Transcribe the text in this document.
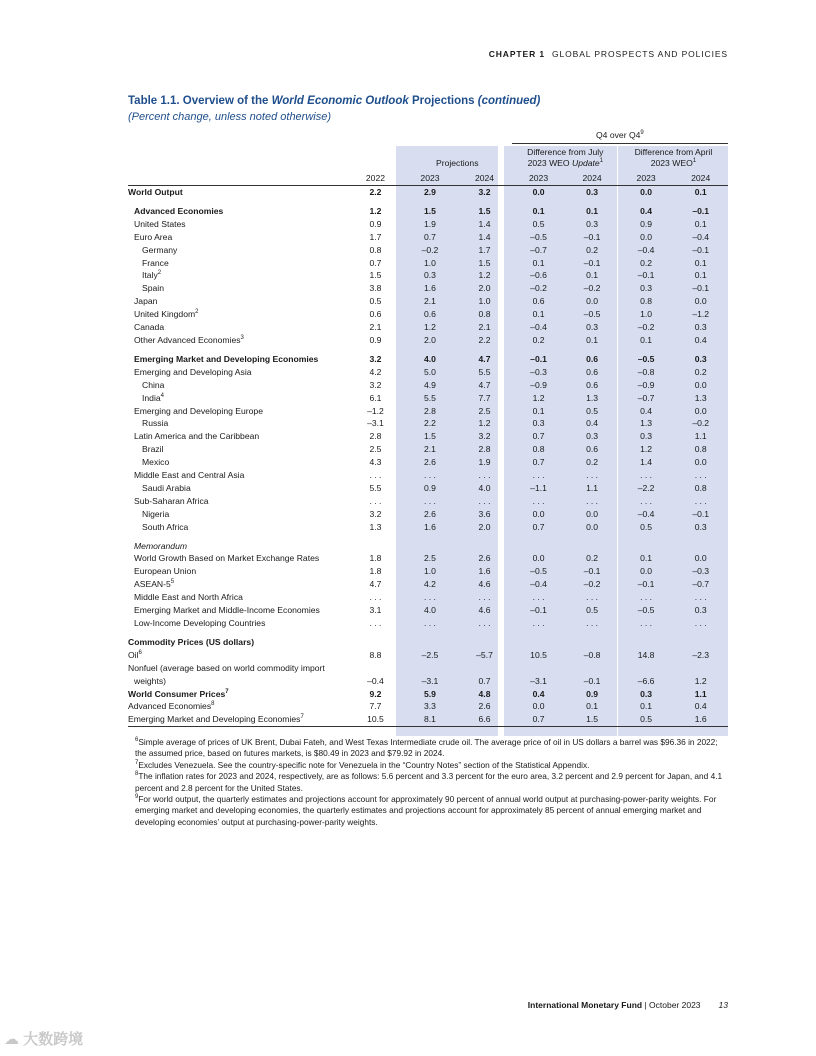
CHAPTER 1 GLOBAL PROSPECTS AND POLICIES
Table 1.1. Overview of the World Economic Outlook Projections (continued)
(Percent change, unless noted otherwise)
				Q4 over $Q4^9$
		Projections		Difference from July
2023 WEO Update$^1$		Difference from April
2023 WEO$^1$
	2022	2023	2024	2023	2024	2023	2024
World Output	2.2	2.9	3.2	0.0	0.3	0.0	0.1

Advanced Economies	1.2	1.5	1.5	0.1	0.1	0.4	–0.1
United States	0.9	1.9	1.4	0.5	0.3	0.9	0.1
Euro Area	1.7	0.7	1.4	–0.5	–0.1	0.0	–0.4
Germany	0.8	–0.2	1.7	–0.7	0.2	–0.4	–0.1
France	0.7	1.0	1.5	0.1	–0.1	0.2	0.1
Italy$^2$	1.5	0.3	1.2	–0.6	0.1	–0.1	0.1
Spain	3.8	1.6	2.0	–0.2	–0.2	0.3	–0.1
Japan	0.5	2.1	1.0	0.6	0.0	0.8	0.0
United Kingdom$^2$	0.6	0.6	0.8	0.1	–0.5	1.0	–1.2
Canada	2.1	1.2	2.1	–0.4	0.3	–0.2	0.3
Other Advanced Economies$^3$	0.9	2.0	2.2	0.2	0.1	0.1	0.4

Emerging Market and Developing Economies	3.2	4.0	4.7	–0.1	0.6	–0.5	0.3
Emerging and Developing Asia	4.2	5.0	5.5	–0.3	0.6	–0.8	0.2
China	3.2	4.9	4.7	–0.9	0.6	–0.9	0.0
India$^4$	6.1	5.5	7.7	1.2	1.3	–0.7	1.3
Emerging and Developing Europe	–1.2	2.8	2.5	0.1	0.5	0.4	0.0
Russia	–3.1	2.2	1.2	0.3	0.4	1.3	–0.2
Latin America and the Caribbean	2.8	1.5	3.2	0.7	0.3	0.3	1.1
Brazil	2.5	2.1	2.8	0.8	0.6	1.2	0.8
Mexico	4.3	2.6	1.9	0.7	0.2	1.4	0.0
Middle East and Central Asia	. . .	. . .	. . .	. . .	. . .	. . .	. . .
Saudi Arabia	5.5	0.9	4.0	–1.1	1.1	–2.2	0.8
Sub-Saharan Africa	. . .	. . .	. . .	. . .	. . .	. . .	. . .
Nigeria	3.2	2.6	3.6	0.0	0.0	–0.4	–0.1
South Africa	1.3	1.6	2.0	0.7	0.0	0.5	0.3

Memorandum							
World Growth Based on Market Exchange Rates	1.8	2.5	2.6	0.0	0.2	0.1	0.0
European Union	1.8	1.0	1.6	–0.5	–0.1	0.0	–0.3
ASEAN-$5^5$	4.7	4.2	4.6	–0.4	–0.2	–0.1	–0.7
Middle East and North Africa	. . .	. . .	. . .	. . .	. . .	. . .	. . .
Emerging Market and Middle-Income Economies	3.1	4.0	4.6	–0.1	0.5	–0.5	0.3
Low-Income Developing Countries	. . .	. . .	. . .	. . .	. . .	. . .	. . .

Commodity Prices (US dollars)							
Oil$^6$	8.8	–2.5	–5.7	10.5	–0.8	14.8	–2.3
Nonfuel (average based on world commodity import							
weights)	–0.4	–3.1	0.7	–3.1	–0.1	–6.6	1.2
World Consumer Prices$^7$	9.2	5.9	4.8	0.4	0.9	0.3	1.1
Advanced Economies$^8$	7.7	3.3	2.6	0.0	0.1	0.1	0.4
Emerging Market and Developing Economies$^7$	10.5	8.1	6.6	0.7	1.5	0.5	1.6

$^6$Simple average of prices of UK Brent, Dubai Fateh, and West Texas Intermediate crude oil. The average price of oil in US dollars a barrel was $96.36 in 2022; the assumed price, based on futures markets, is $80.49 in 2023 and $79.92 in 2024.

$^7$Excludes Venezuela. See the country-specific note for Venezuela in the “Country Notes” section of the Statistical Appendix.

$^8$The inflation rates for 2023 and 2024, respectively, are as follows: 5.6 percent and 3.3 percent for the euro area, 3.2 percent and 2.9 percent for Japan, and 4.1 percent and 2.8 percent for the United States.

$^9$For world output, the quarterly estimates and projections account for approximately 90 percent of annual world output at purchasing-power-parity weights. For emerging market and developing economies, the quarterly estimates and projections account for approximately 85 percent of annual emerging market and developing economies’ output at purchasing-power-parity weights.

International Monetary Fund | October 2023 13
☁ 大数跨境
